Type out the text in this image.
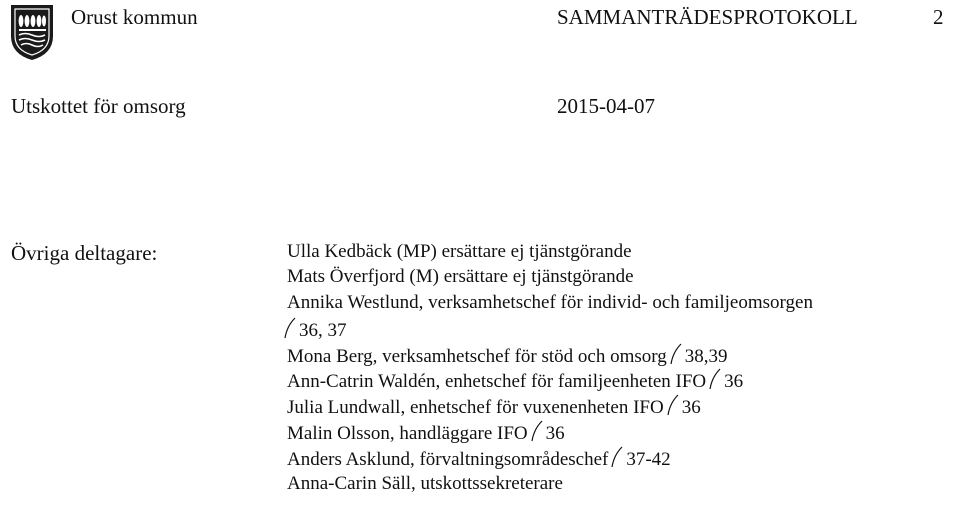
Orust kommun	SAMMANTRÄDESPROTOKOLL	2
Utskottet för omsorg	2015-04-07
Övriga deltagare:	Ulla Kedbäck (MP) ersättare ej tjänstgörande
Mats Överfjord (M) ersättare ej tjänstgörande
Annika Westlund, verksamhetschef för individ- och familjeomsorgen
36, 37
Mona Berg, verksamhetschef för stöd och omsorg 38,39
Ann-Catrin Waldén, enhetschef för familjeenheten IFO 36
Julia Lundwall, enhetschef för vuxenenheten IFO 36
Malin Olsson, handläggare IFO 36
Anders Asklund, förvaltningsområdeschef 37-42
Anna-Carin Säll, utskottssekreterare
